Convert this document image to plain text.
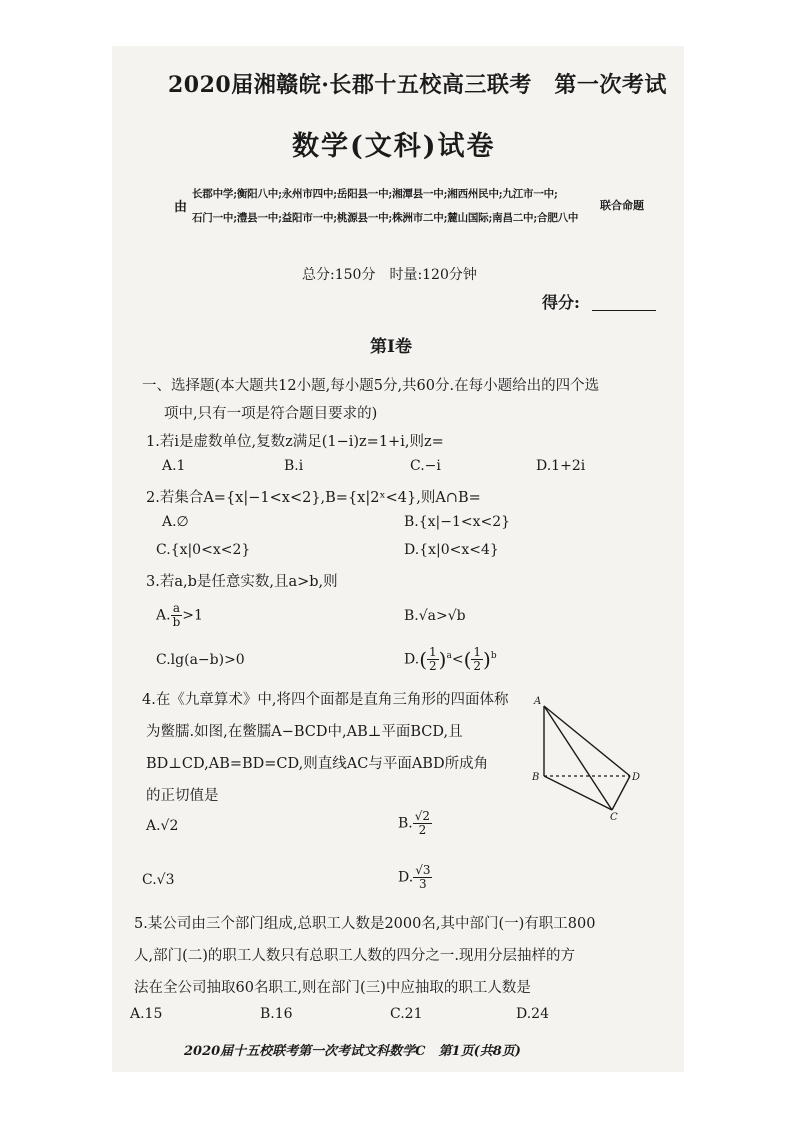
2020届湘赣皖·长郡十五校高三联考　第一次考试
数学(文科)试卷
由
长郡中学;衡阳八中;永州市四中;岳阳县一中;湘潭县一中;湘西州民中;九江市一中;
石门一中;澧县一中;益阳市一中;桃源县一中;株洲市二中;麓山国际;南昌二中;合肥八中
联合命题
总分:150分　时量:120分钟
得分:
第Ⅰ卷
一、选择题(本大题共12小题,每小题5分,共60分.在每小题给出的四个选
项中,只有一项是符合题目要求的)
1.若i是虚数单位,复数z满足(1−i)z=1+i,则z=
A.1	B.i	C.−i	D.1+2i
2.若集合A={x|−1<x<2},B={x|2ˣ<4},则A∩B=
A.∅	B.{x|−1<x<2}
C.{x|0<x<2}	D.{x|0<x<4}
3.若a,b是任意实数,且a>b,则
A. $\frac{a}{b} >1$	B.√a>√b
C.lg(a−b)>0	$D.( \frac{1}{2} )^a<( \frac{1}{2} )^b$
4.在《九章算术》中,将四个面都是直角三角形的四面体称
为鳖臑.如图,在鳖臑A−BCD中,AB⊥平面BCD,且
BD⊥CD,AB=BD=CD,则直线AC与平面ABD所成角
的正切值是
A
B
C
D
A.√2	B. $\frac{√2}{2}$
C.√3	D. $\frac{√3}{3}$
5.某公司由三个部门组成,总职工人数是2000名,其中部门(一)有职工800
人,部门(二)的职工人数只有总职工人数的四分之一.现用分层抽样的方
法在全公司抽取60名职工,则在部门(三)中应抽取的职工人数是
A.15	B.16	C.21	D.24
2020届十五校联考第一次考试文科数学C　第1页(共8页)
